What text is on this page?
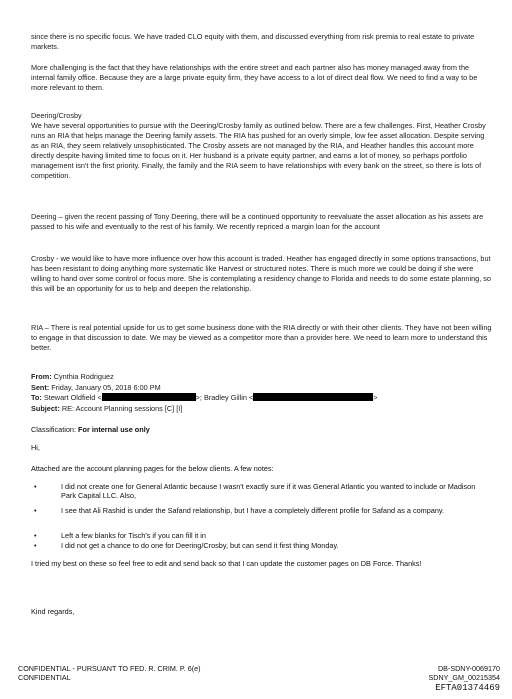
since there is no specific focus. We have traded CLO equity with them, and discussed everything from risk premia to real estate to private markets.

More challenging is the fact that they have relationships with the entire street and each partner also has money managed away from the internal family office. Because they are a large private equity firm, they have access to a lot of direct deal flow. We need to find a way to be more relevant to them.

Deering/Crosby

We have several opportunities to pursue with the Deering/Crosby family as outlined below. There are a few challenges. First, Heather Crosby runs an RIA that helps manage the Deering family assets. The RIA has pushed for an overly simple, low fee asset allocation. Despite serving as an RIA, they seem relatively unsophisticated. The Crosby assets are not managed by the RIA, and Heather handles this account more directly despite having limited time to focus on it. Her husband is a private equity partner, and earns a lot of money, so perhaps portfolio management isn't the first priority. Finally, the family and the RIA seem to have relationships with every bank on the street, so there is lots of competition.

Deering – given the recent passing of Tony Deering, there will be a continued opportunity to reevaluate the asset allocation as his assets are passed to his wife and eventually to the rest of his family. We recently repriced a margin loan for the account

Crosby - we would like to have more influence over how this account is traded. Heather has engaged directly in some options transactions, but has been resistant to doing anything more systematic like Harvest or structured notes. There is much more we could be doing if she were willing to hand over some control or focus more. She is contemplating a residency change to Florida and needs to do some estate planning, so this will be an opportunity for us to help and deepen the relationship.

RIA – There is real potential upside for us to get some business done with the RIA directly or with their other clients. They have not been willing to engage in that discussion to date. We may be viewed as a competitor more than a provider here. We need to learn more to understand this better.

From: Cynthia Rodriguez
Sent: Friday, January 05, 2018 6:00 PM
To: Stewart Oldfield <	>; Bradley Gillin <	>
Subject: RE: Account Planning sessions [C] [I]
Classification: For internal use only
Hi,
Attached are the account planning pages for the below clients. A few notes:
•	I did not create one for General Atlantic because I wasn't exactly sure if it was General Atlantic you wanted to include or Madison Park Capital LLC. Also,
•	I see that Ali Rashid is under the Safand relationship, but I have a completely different profile for Safand as a company.
•	Left a few blanks for Tisch's if you can fill it in
•	I did not get a chance to do one for Deering/Crosby, but can send it first thing Monday.
I tried my best on these so feel free to edit and send back so that I can update the customer pages on DB Force. Thanks!
Kind regards,
CONFIDENTIAL - PURSUANT TO FED. R. CRIM. P. 6(e)
CONFIDENTIAL
DB-SDNY-0069170
SDNY_GM_00215354
EFTA01374469
